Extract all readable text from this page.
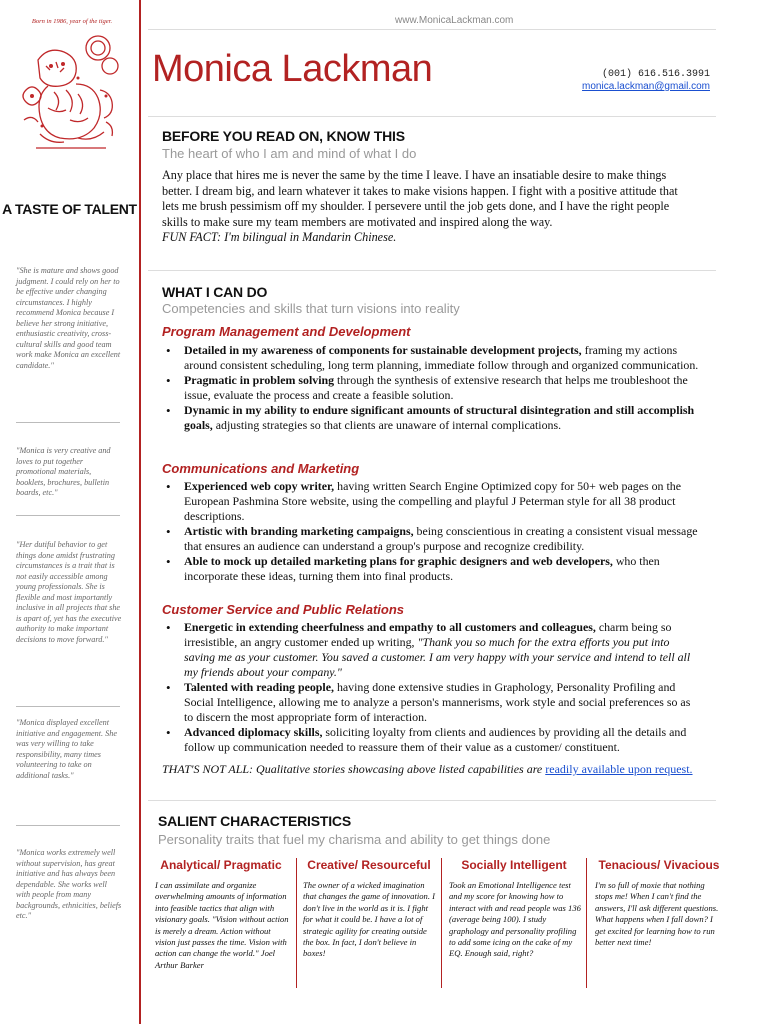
Born in 1986, year of the tiger.
A TASTE OF TALENT
"She is mature and shows good judgment. I could rely on her to be effective under changing circumstances. I highly recommend Monica because I believe her strong initiative, enthusiastic creativity, cross-cultural skills and good team work make Monica an excellent candidate."
"Monica is very creative and loves to put together promotional materials, booklets, brochures, bulletin boards, etc."
"Her dutiful behavior to get things done amidst frustrating circumstances is a trait that is not easily accessible among young professionals. She is flexible and most importantly inclusive in all projects that she is apart of, yet has the executive authority to make important decisions to move forward."
"Monica displayed excellent initiative and engagement. She was very willing to take responsibility, many times volunteering to take on additional tasks."
"Monica works extremely well without supervision, has great initiative and has always been dependable. She works well with people from many backgrounds, ethnicities, beliefs etc."
www.MonicaLackman.com
Monica Lackman	(001) 616.516.3991
monica.lackman@gmail.com
BEFORE YOU READ ON, KNOW THIS
The heart of who I am and mind of what I do
Any place that hires me is never the same by the time I leave. I have an insatiable desire to make things better. I dream big, and learn whatever it takes to make visions happen. I fight with a positive attitude that lets me brush pessimism off my shoulder. I persevere until the job gets done, and I have the right people skills to make sure my team members are motivated and inspired along the way.
FUN FACT: I'm bilingual in Mandarin Chinese.
WHAT I CAN DO
Competencies and skills that turn visions into reality
Program Management and Development
• Detailed in my awareness of components for sustainable development projects, framing my actions around consistent scheduling, long term planning, immediate follow through and organized communication.
• Pragmatic in problem solving through the synthesis of extensive research that helps me troubleshoot the issue, evaluate the process and create a feasible solution.
• Dynamic in my ability to endure significant amounts of structural disintegration and still accomplish goals, adjusting strategies so that clients are unaware of internal complications.
Communications and Marketing
• Experienced web copy writer, having written Search Engine Optimized copy for 50+ web pages on the European Pashmina Store website, using the compelling and playful J Peterman style for all 38 product descriptions.
• Artistic with branding marketing campaigns, being conscientious in creating a consistent visual message that ensures an audience can understand a group's purpose and recognize credibility.
• Able to mock up detailed marketing plans for graphic designers and web developers, who then incorporate these ideas, turning them into final products.
Customer Service and Public Relations
• Energetic in extending cheerfulness and empathy to all customers and colleagues, charm being so irresistible, an angry customer ended up writing, "Thank you so much for the extra efforts you put into saving me as your customer. You saved a customer. I am very happy with your service and intend to tell all my friends about your company."
• Talented with reading people, having done extensive studies in Graphology, Personality Profiling and Social Intelligence, allowing me to analyze a person's mannerisms, work style and social preferences so as to discern the most appropriate form of interaction.
• Advanced diplomacy skills, soliciting loyalty from clients and audiences by providing all the details and follow up communication needed to reassure them of their value as a customer/ constituent.
THAT'S NOT ALL: Qualitative stories showcasing above listed capabilities are readily available upon request.
SALIENT CHARACTERISTICS
Personality traits that fuel my charisma and ability to get things done
Analytical/ Pragmatic
I can assimilate and organize overwhelming amounts of information into feasible tactics that align with visionary goals. "Vision without action is merely a dream. Action without vision just passes the time. Vision with action can change the world." Joel Arthur Barker
Creative/ Resourceful
The owner of a wicked imagination that changes the game of innovation. I don't live in the world as it is. I fight for what it could be. I have a lot of strategic agility for creating outside the box. In fact, I don't believe in boxes!
Socially Intelligent
Took an Emotional Intelligence test and my score for knowing how to interact with and read people was 136 (average being 100). I study graphology and personality profiling to add some icing on the cake of my EQ. Enough said, right?
Tenacious/ Vivacious
I'm so full of moxie that nothing stops me! When I can't find the answers, I'll ask different questions. What happens when I fall down? I get excited for learning how to run better next time!
